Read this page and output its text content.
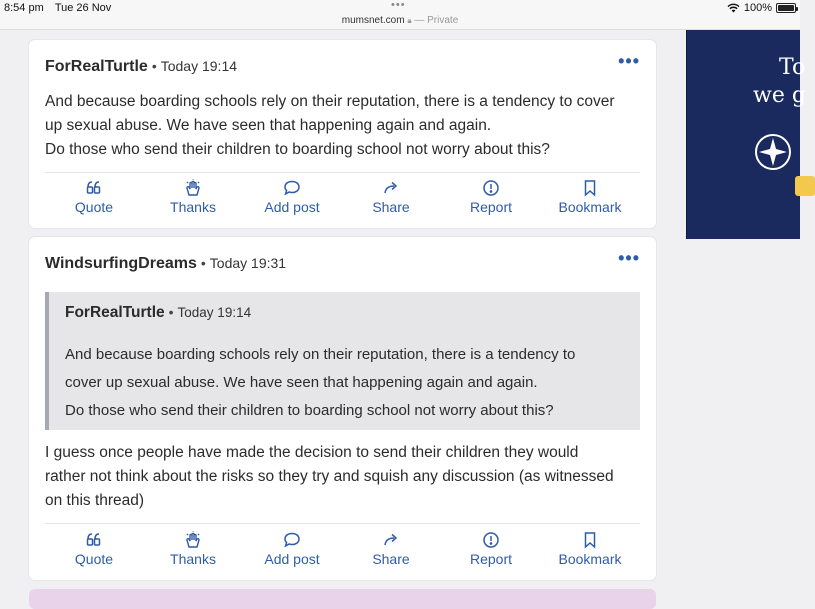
8:54 pm Tue 26 Nov	•••
mumsnet.com 🔒︎ — Private
100%
To
we g
ForRealTurtle • Today 19:14	•••
And because boarding schools rely on their reputation, there is a tendency to cover
up sexual abuse. We have seen that happening again and again.
Do those who send their children to boarding school not worry about this?
Quote	Thanks	Add post	Share	Report	Bookmark
WindsurfingDreams • Today 19:31	•••
ForRealTurtle • Today 19:14
And because boarding schools rely on their reputation, there is a tendency to
cover up sexual abuse. We have seen that happening again and again.
Do those who send their children to boarding school not worry about this?
I guess once people have made the decision to send their children they would
rather not think about the risks so they try and squish any discussion (as witnessed
on this thread)
Quote	Thanks	Add post	Share	Report	Bookmark
